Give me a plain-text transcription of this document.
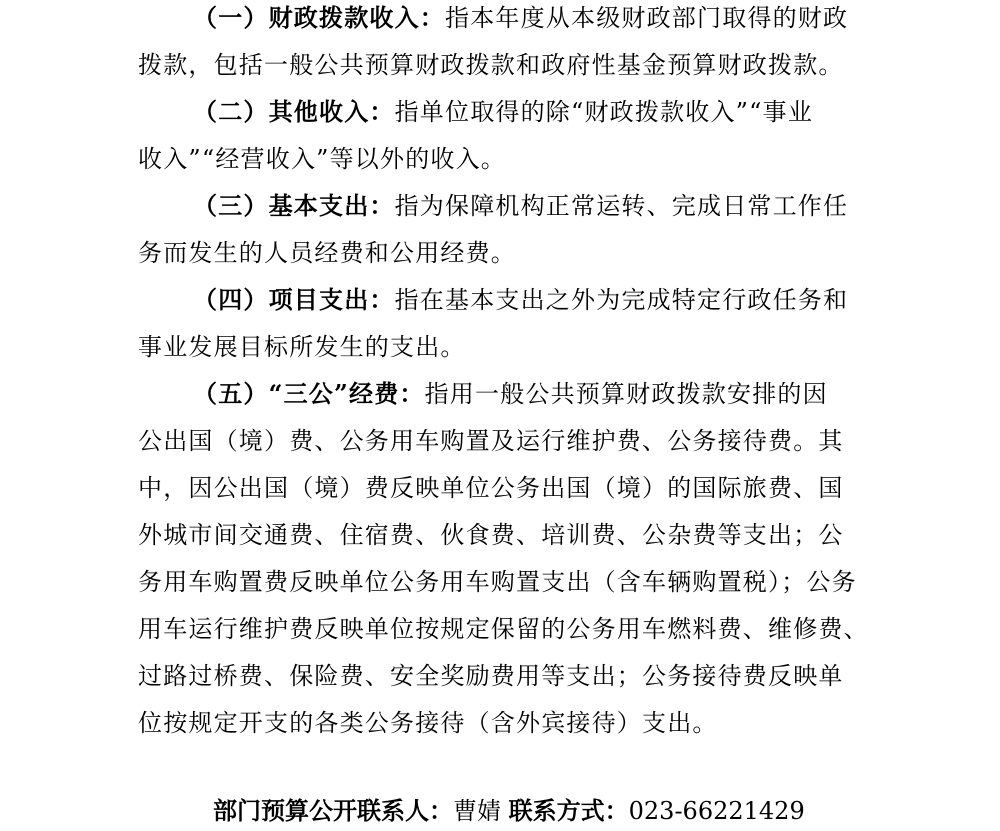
（一）财政拨款收入：指本年度从本级财政部门取得的财政
拨款，包括一般公共预算财政拨款和政府性基金预算财政拨款。
（二）其他收入：指单位取得的除“财政拨款收入”“事业
收入”“经营收入”等以外的收入。
（三）基本支出：指为保障机构正常运转、完成日常工作任
务而发生的人员经费和公用经费。
（四）项目支出：指在基本支出之外为完成特定行政任务和
事业发展目标所发生的支出。
（五）“三公”经费：指用一般公共预算财政拨款安排的因
公出国（境）费、公务用车购置及运行维护费、公务接待费。其
中，因公出国（境）费反映单位公务出国（境）的国际旅费、国
外城市间交通费、住宿费、伙食费、培训费、公杂费等支出；公
务用车购置费反映单位公务用车购置支出（含车辆购置税）；公务
用车运行维护费反映单位按规定保留的公务用车燃料费、维修费、
过路过桥费、保险费、安全奖励费用等支出；公务接待费反映单
位按规定开支的各类公务接待（含外宾接待）支出。
部门预算公开联系人：曹婧 联系方式：023-66221429
